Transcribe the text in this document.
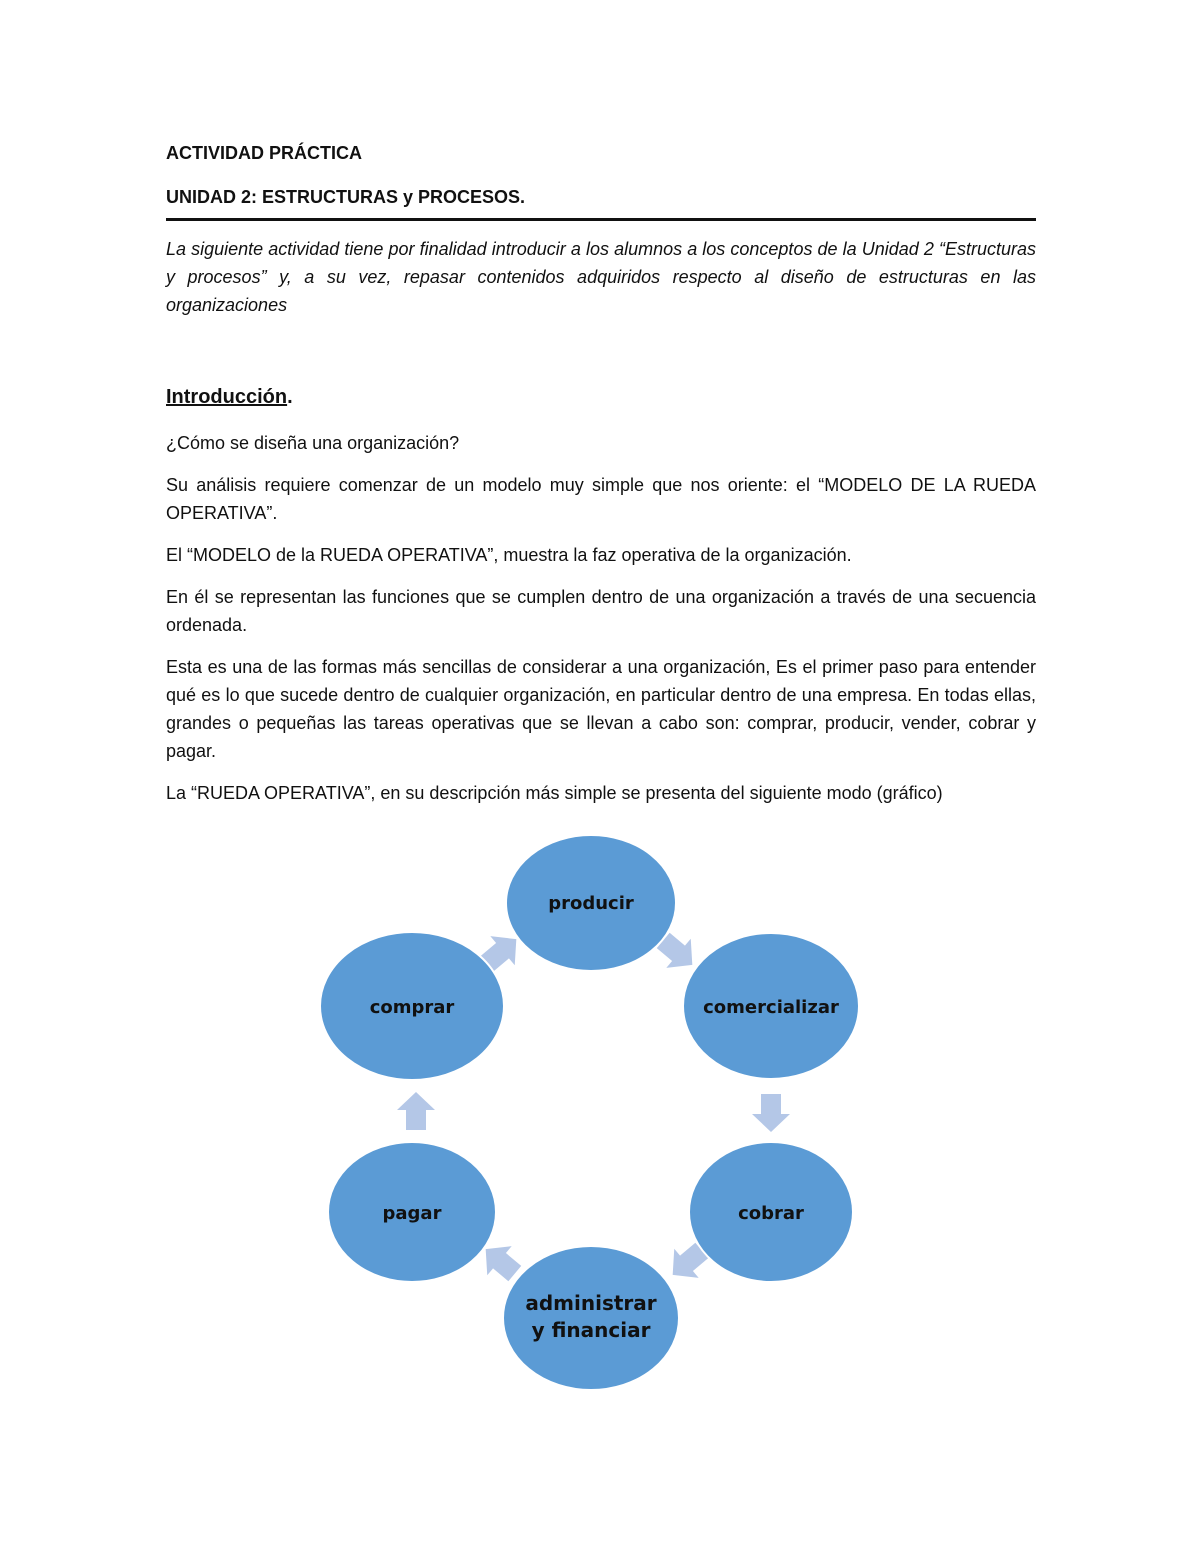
ACTIVIDAD PRÁCTICA

UNIDAD 2: ESTRUCTURAS y PROCESOS.

La siguiente actividad tiene por finalidad introducir a los alumnos a los conceptos de la Unidad 2 “Estructuras y procesos” y, a su vez, repasar contenidos adquiridos respecto al diseño de estructuras en las organizaciones

Introducción.

¿Cómo se diseña una organización?

Su análisis requiere comenzar de un modelo muy simple que nos oriente: el “MODELO DE LA RUEDA OPERATIVA”.

El “MODELO de la RUEDA OPERATIVA”, muestra la faz operativa de la organización.

En él se representan las funciones que se cumplen dentro de una organización a través de una secuencia ordenada.

Esta es una de las formas más sencillas de considerar a una organización, Es el primer paso para entender qué es lo que sucede dentro de cualquier organización, en particular dentro de una empresa. En todas ellas, grandes o pequeñas las tareas operativas que se llevan a cabo son: comprar, producir, vender, cobrar y pagar.

La “RUEDA OPERATIVA”, en su descripción más simple se presenta del siguiente modo (gráfico)

producir
comercializar
cobrar
administrar
y financiar
pagar
comprar
